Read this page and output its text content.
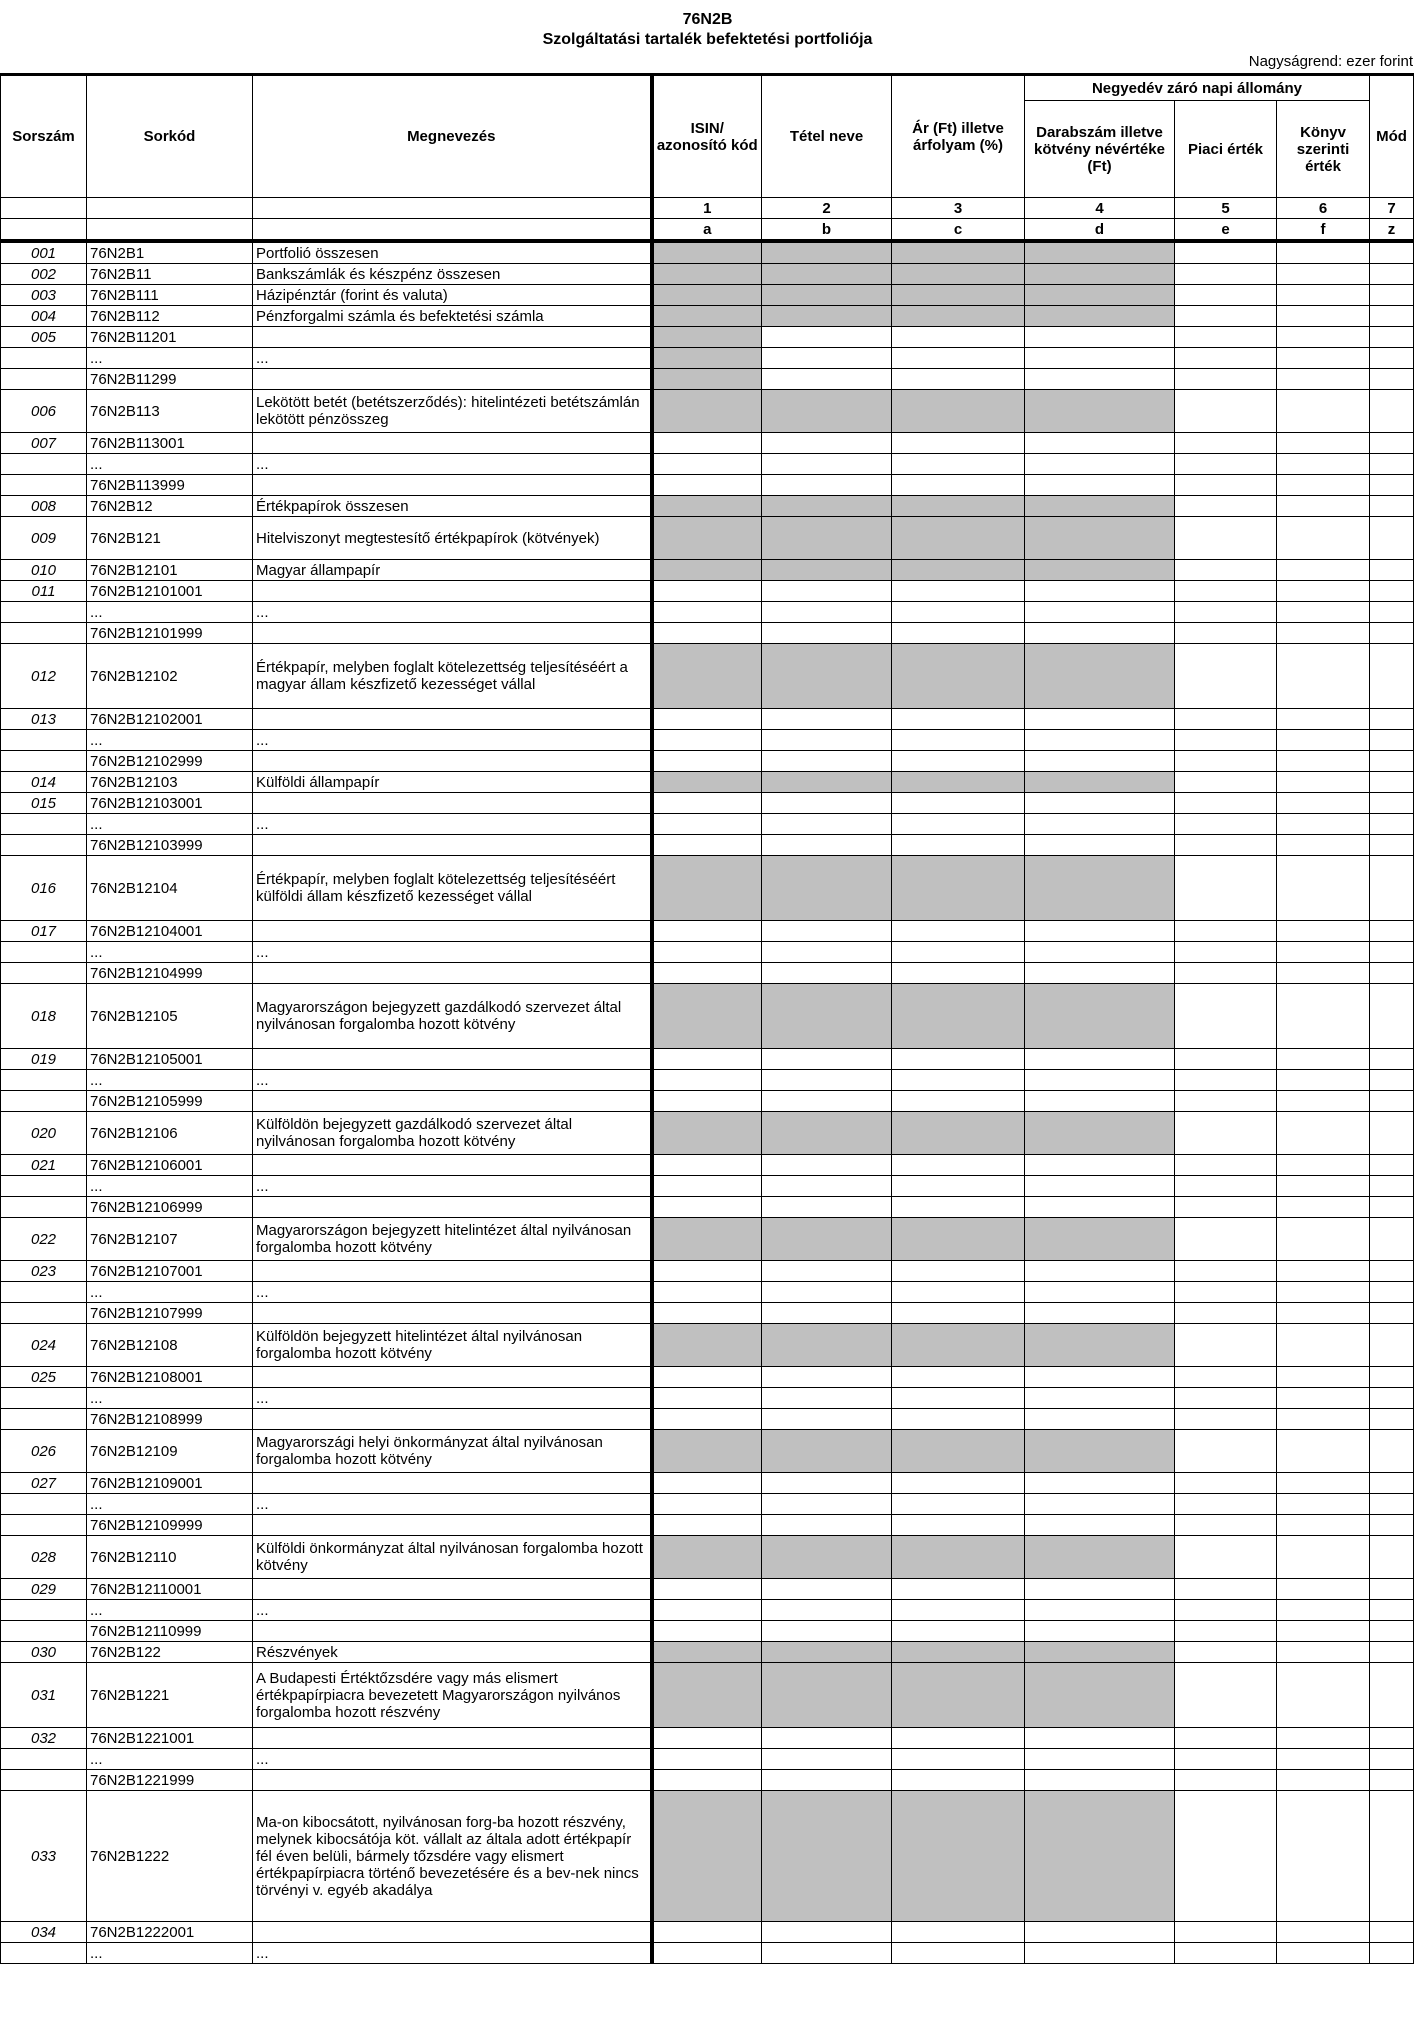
76N2B
Szolgáltatási tartalék befektetési portfoliója
Nagyságrend: ezer forint
Sorszám	Sorkód	Megnevezés	ISIN/ azonosító kód	Tétel neve	Ár (Ft) illetve árfolyam (%)	Negyedév záró napi állomány			Mód
						Darabszám illetve kötvény névértéke (Ft)	Piaci érték	Könyv szerinti érték	
			1	2	3	4	5	6	7
			a	b	c	d	e	f	z
001	76N2B1	Portfolió összesen							
002	76N2B11	Bankszámlák és készpénz összesen							
003	76N2B111	Házipénztár (forint és valuta)							
004	76N2B112	Pénzforgalmi számla és befektetési számla							
005	76N2B11201								
	...	...							
	76N2B11299								
006	76N2B113	Lekötött betét (betétszerződés): hitelintézeti betétszámlán lekötött pénzösszeg							
007	76N2B113001								
	...	...							
	76N2B113999								
008	76N2B12	Értékpapírok összesen							
009	76N2B121	Hitelviszonyt megtestesítő értékpapírok (kötvények)							
010	76N2B12101	Magyar állampapír							
011	76N2B12101001								
	...	...							
	76N2B12101999								
012	76N2B12102	Értékpapír, melyben foglalt kötelezettség teljesítéséért a magyar állam készfizető kezességet vállal							
013	76N2B12102001								
	...	...							
	76N2B12102999								
014	76N2B12103	Külföldi állampapír							
015	76N2B12103001								
	...	...							
	76N2B12103999								
016	76N2B12104	Értékpapír, melyben foglalt kötelezettség teljesítéséért külföldi állam készfizető kezességet vállal							
017	76N2B12104001								
	...	...							
	76N2B12104999								
018	76N2B12105	Magyarországon bejegyzett gazdálkodó szervezet által nyilvánosan forgalomba hozott kötvény							
019	76N2B12105001								
	...	...							
	76N2B12105999								
020	76N2B12106	Külföldön bejegyzett gazdálkodó szervezet által nyilvánosan forgalomba hozott kötvény							
021	76N2B12106001								
	...	...							
	76N2B12106999								
022	76N2B12107	Magyarországon bejegyzett hitelintézet által nyilvánosan forgalomba hozott kötvény							
023	76N2B12107001								
	...	...							
	76N2B12107999								
024	76N2B12108	Külföldön bejegyzett hitelintézet által nyilvánosan forgalomba hozott kötvény							
025	76N2B12108001								
	...	...							
	76N2B12108999								
026	76N2B12109	Magyarországi helyi önkormányzat által nyilvánosan forgalomba hozott kötvény							
027	76N2B12109001								
	...	...							
	76N2B12109999								
028	76N2B12110	Külföldi önkormányzat által nyilvánosan forgalomba hozott kötvény							
029	76N2B12110001								
	...	...							
	76N2B12110999								
030	76N2B122	Részvények							
031	76N2B1221	A Budapesti Értéktőzsdére vagy más elismert értékpapírpiacra bevezetett Magyarországon nyilvános forgalomba hozott részvény							
032	76N2B1221001								
	...	...							
	76N2B1221999								
033	76N2B1222	Ma-on kibocsátott, nyilvánosan forg-ba hozott részvény, melynek kibocsátója köt. vállalt az általa adott értékpapír fél éven belüli, bármely tőzsdére vagy elismert értékpapírpiacra történő bevezetésére és a bev-nek nincs törvényi v. egyéb akadálya							
034	76N2B1222001								
	...	...							
